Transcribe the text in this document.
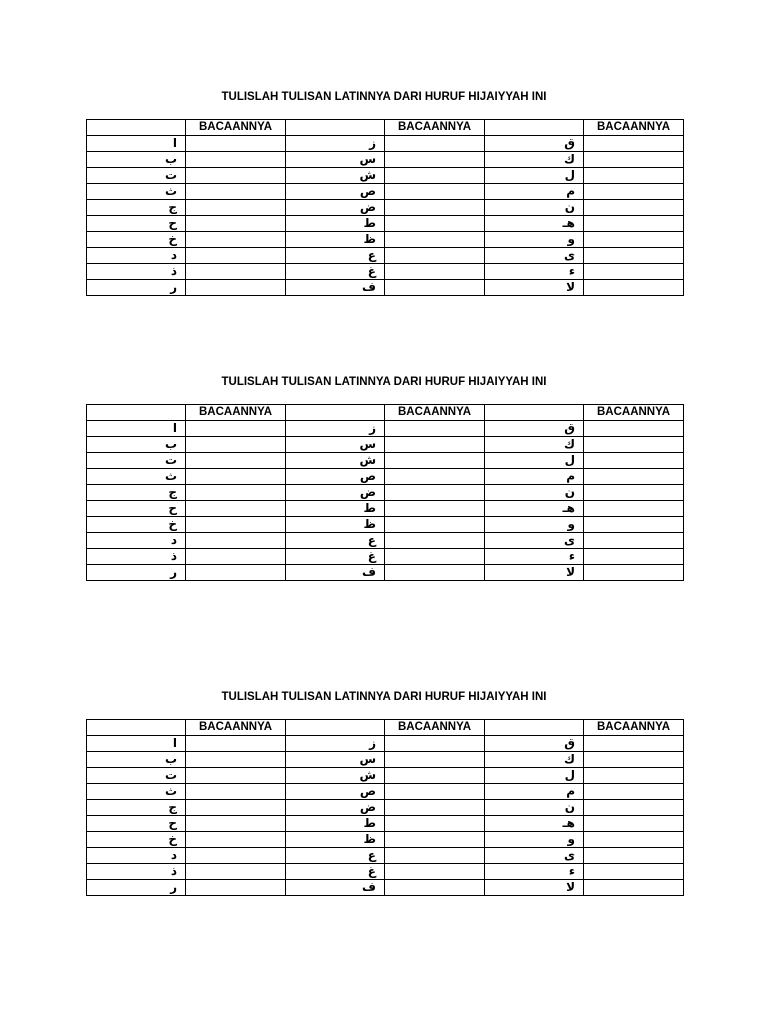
TULISLAH TULISAN LATINNYA DARI HURUF HIJAIYYAH INI
	BACAANNYA		BACAANNYA		BACAANNYA
ا		ز		ق	
ب		س		ك	
ت		ش		ل	
ث		ص		م	
ج		ض		ن	
ح		ط		هـ	
خ		ظ		و	
د		ع		ى	
ذ		غ		ء	
ر		ف		لا	
TULISLAH TULISAN LATINNYA DARI HURUF HIJAIYYAH INI
	BACAANNYA		BACAANNYA		BACAANNYA
ا		ز		ق	
ب		س		ك	
ت		ش		ل	
ث		ص		م	
ج		ض		ن	
ح		ط		هـ	
خ		ظ		و	
د		ع		ى	
ذ		غ		ء	
ر		ف		لا	
TULISLAH TULISAN LATINNYA DARI HURUF HIJAIYYAH INI
	BACAANNYA		BACAANNYA		BACAANNYA
ا		ز		ق	
ب		س		ك	
ت		ش		ل	
ث		ص		م	
ج		ض		ن	
ح		ط		هـ	
خ		ظ		و	
د		ع		ى	
ذ		غ		ء	
ر		ف		لا	
